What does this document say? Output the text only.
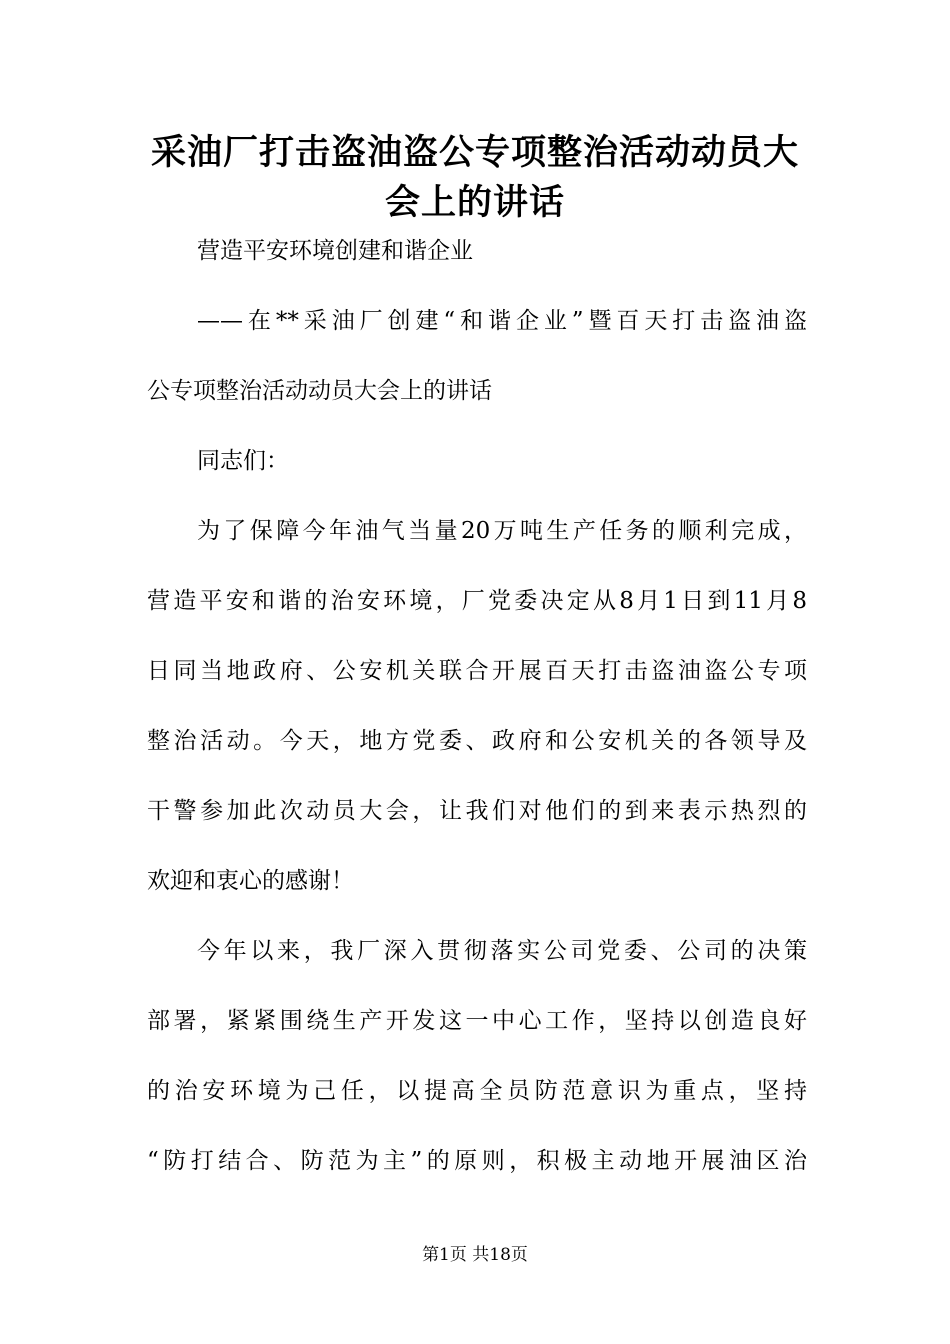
采油厂打击盗油盗公专项整治活动动员大
会上的讲话
营造平安环境创建和谐企业
——在**采油厂创建“和谐企业”暨百天打击盗油盗
公专项整治活动动员大会上的讲话
同志们：
为了保障今年油气当量20万吨生产任务的顺利完成，
营造平安和谐的治安环境，厂党委决定从8月1日到11月8
日同当地政府、公安机关联合开展百天打击盗油盗公专项
整治活动。今天，地方党委、政府和公安机关的各领导及
干警参加此次动员大会，让我们对他们的到来表示热烈的
欢迎和衷心的感谢！
今年以来，我厂深入贯彻落实公司党委、公司的决策
部署，紧紧围绕生产开发这一中心工作，坚持以创造良好
的治安环境为己任，以提高全员防范意识为重点，坚持
“防打结合、防范为主”的原则，积极主动地开展油区治
第1页 共18页
